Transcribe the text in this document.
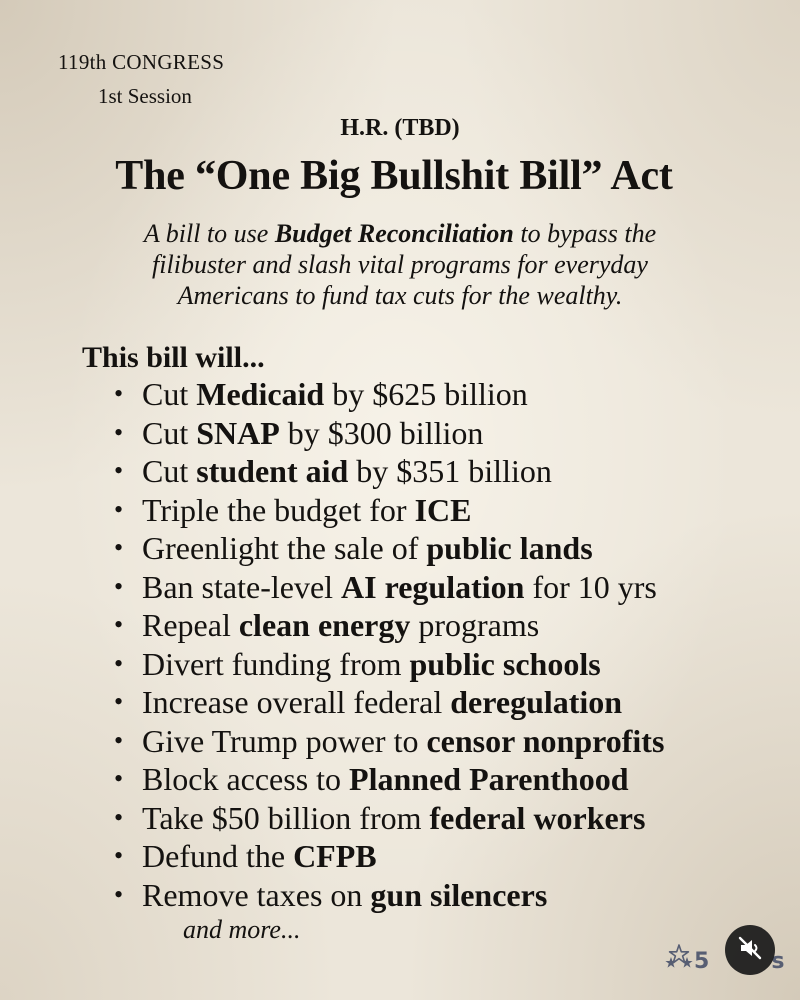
119th CONGRESS
1st Session
H.R. (TBD)
The “One Big Bullshit Bill” Act
A bill to use Budget Reconciliation to bypass the
filibuster and slash vital programs for everyday
Americans to fund tax cuts for the wealthy.
This bill will...
• Cut Medicaid by $625 billion
• Cut SNAP by $300 billion
• Cut student aid by $351 billion
• Triple the budget for ICE
• Greenlight the sale of public lands
• Ban state-level AI regulation for 10 yrs
• Repeal clean energy programs
• Divert funding from public schools
• Increase overall federal deregulation
• Give Trump power to censor nonprofits
• Block access to Planned Parenthood
• Take $50 billion from federal workers
• Defund the CFPB
• Remove taxes on gun silencers
and more...
5	s
